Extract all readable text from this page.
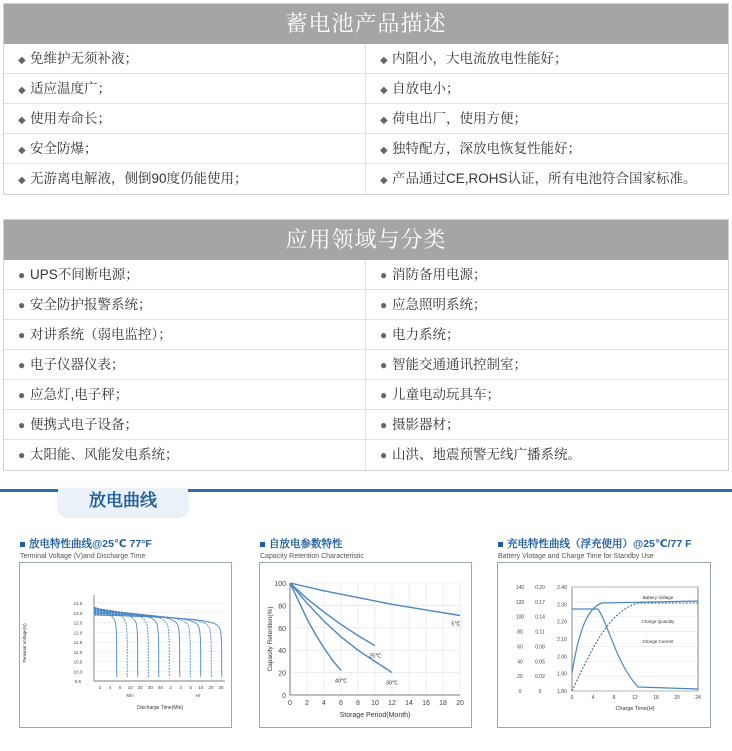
蓄电池产品描述
◆ 免维护无须补液；	◆ 内阻小，大电流放电性能好；
◆ 适应温度广；	◆ 自放电小；
◆ 使用寿命长；	◆ 荷电出厂，使用方便；
◆ 安全防爆；	◆ 独特配方，深放电恢复性能好；
◆ 无游离电解液，侧倒90度仍能使用；	◆ 产品通过CE,ROHS认证，所有电池符合国家标准。
应用领域与分类
● UPS不间断电源；	● 消防备用电源；
● 安全防护报警系统；	● 应急照明系统；
● 对讲系统（弱电监控）；	● 电力系统；
● 电子仪器仪表；	● 智能交通通讯控制室；
● 应急灯,电子秤；	● 儿童电动玩具车；
● 便携式电子设备；	● 摄影器材；
● 太阳能、风能发电系统；	● 山洪、地震预警无线广播系统。
放电曲线
放电特性曲线@25℃ 77°F
Terminal Voltage (V)and Discharge Time
13.5
13.0
12.5
12.0
11.5
11.0
10.5
10.0
9.5
Terminal Voltage(V)
2 4 6 10 20 30 60 2 3 5 10 20 30
Min	Hr
Discharge Time(Min)
自放电参数特性
Capacity Retention Characteristic
0
20
40
60
80
100
0 2 4 6 8 10 12 14 16 18 20
Storage Period(Month)
Capacity Retention(%)	5℃
25℃
30℃
40℃
充电特性曲线（浮充使用）@25℃/77 F
Battery Vlotage and Charge Time for Standby Use
140 0.20
120 0.17
100 0.14
80	0.11
60 0.08
40 0.05
20 0.02
0	0
2.40
2.30
2.20
2.10
2.00
1.90
1.80
0	4	8	12	16	20	24
Charge Time(H)
Battery Voltage
Charge Quantity
Charge Current
